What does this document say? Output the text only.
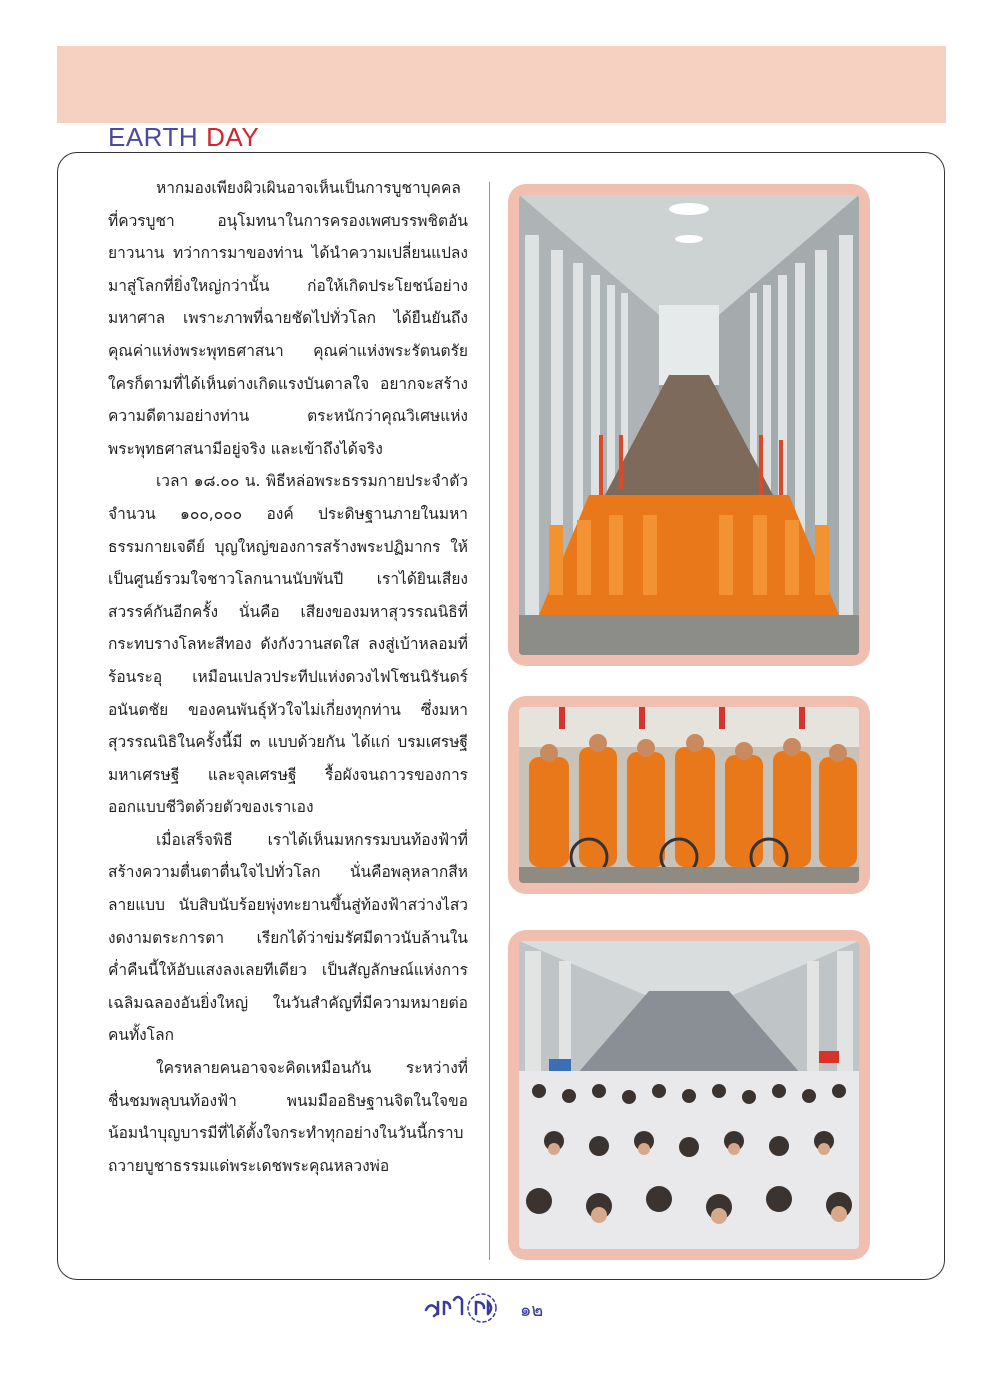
EARTH DAY

หากมองเพียงผิวเผินอาจเห็นเป็นการบูชาบุคคลที่ควรบูชา อนุโมทนาในการครองเพศบรรพชิตอันยาวนาน ทว่าการมาของท่าน ได้นำความเปลี่ยนแปลงมาสู่โลกที่ยิ่งใหญ่กว่านั้น ก่อให้เกิดประโยชน์อย่างมหาศาล เพราะภาพที่ฉายชัดไปทั่วโลก ได้ยืนยันถึงคุณค่าแห่งพระพุทธศาสนา คุณค่าแห่งพระรัตนตรัย ใครก็ตามที่ได้เห็นต่างเกิดแรงบันดาลใจ อยากจะสร้างความดีตามอย่างท่าน ตระหนักว่าคุณวิเศษแห่งพระพุทธศาสนามีอยู่จริง และเข้าถึงได้จริง

เวลา ๑๘.๐๐ น. พิธีหล่อพระธรรมกายประจำตัว จำนวน ๑๐๐,๐๐๐ องค์ ประดิษฐานภายในมหาธรรมกายเจดีย์ บุญใหญ่ของการสร้างพระปฏิมากร ให้เป็นศูนย์รวมใจชาวโลกนานนับพันปี เราได้ยินเสียงสวรรค์กันอีกครั้ง นั่นคือ เสียงของมหาสุวรรณนิธิที่กระทบรางโลหะสีทอง ดังกังวานสดใส ลงสู่เบ้าหลอมที่ร้อนระอุ เหมือนเปลวประทีปแห่งดวงไฟโชนนิรันดร์ อนันตชัย ของคนพันธุ์หัวใจไม่เกี่ยงทุกท่าน ซึ่งมหาสุวรรณนิธิในครั้งนี้มี ๓ แบบด้วยกัน ได้แก่ บรมเศรษฐี มหาเศรษฐี และจุลเศรษฐี รื้อผังจนถาวรของการออกแบบชีวิตด้วยตัวของเราเอง

เมื่อเสร็จพิธี เราได้เห็นมหกรรมบนท้องฟ้าที่สร้างความตื่นตาตื่นใจไปทั่วโลก นั่นคือพลุหลากสีหลายแบบ นับสิบนับร้อยพุ่งทะยานขึ้นสู่ท้องฟ้าสว่างไสว งดงามตระการตา เรียกได้ว่าข่มรัศมีดาวนับล้านในค่ำคืนนี้ให้อับแสงลงเลยทีเดียว เป็นสัญลักษณ์แห่งการเฉลิมฉลองอันยิ่งใหญ่ ในวันสำคัญที่มีความหมายต่อคนทั้งโลก

ใครหลายคนอาจจะคิดเหมือนกัน ระหว่างที่ชื่นชมพลุบนท้องฟ้า พนมมืออธิษฐานจิตในใจขอน้อมนำบุญบารมีที่ได้ตั้งใจกระทำทุกอย่างในวันนี้กราบถวายบูชาธรรมแด่พระเดชพระคุณหลวงพ่อ

๑๒
